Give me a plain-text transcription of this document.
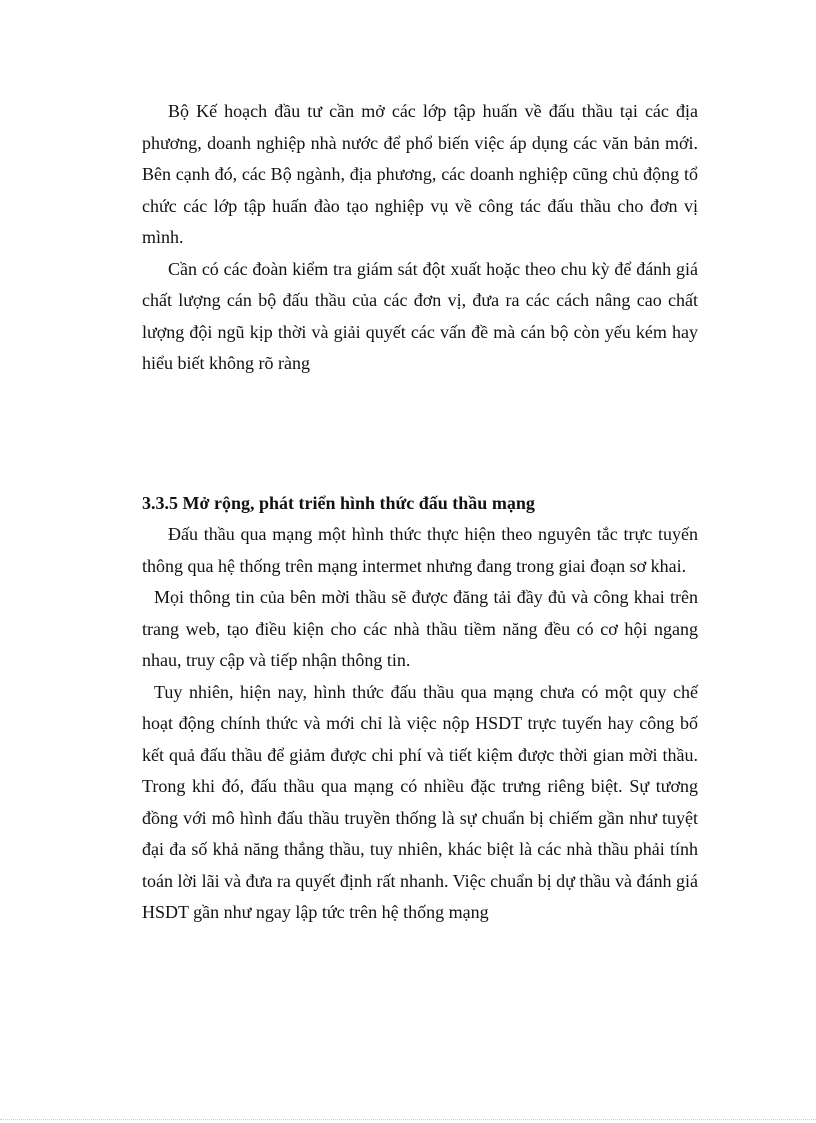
Bộ Kế hoạch đầu tư cần mở các lớp tập huấn về đấu thầu tại các địa phương, doanh nghiệp nhà nước để phổ biến việc áp dụng các văn bản mới. Bên cạnh đó, các Bộ ngành, địa phương, các doanh nghiệp cũng chủ động tổ chức các lớp tập huấn đào tạo nghiệp vụ về công tác đấu thầu cho đơn vị mình.

Cần có các đoàn kiểm tra giám sát đột xuất hoặc theo chu kỳ để đánh giá chất lượng cán bộ đấu thầu của các đơn vị, đưa ra các cách nâng cao chất lượng đội ngũ kịp thời và giải quyết các vấn đề mà cán bộ còn yếu kém hay hiểu biết không rõ ràng

3.3.5 Mở rộng, phát triển hình thức đấu thầu mạng

Đấu thầu qua mạng một hình thức thực hiện theo nguyên tắc trực tuyến thông qua hệ thống trên mạng intermet nhưng đang trong giai đoạn sơ khai.

Mọi thông tin của bên mời thầu sẽ được đăng tải đầy đủ và công khai trên trang web, tạo điều kiện cho các nhà thầu tiềm năng đều có cơ hội ngang nhau, truy cập và tiếp nhận thông tin.

Tuy nhiên, hiện nay, hình thức đấu thầu qua mạng chưa có một quy chế hoạt động chính thức và mới chỉ là việc nộp HSDT trực tuyến hay công bố kết quả đấu thầu để giảm được chi phí và tiết kiệm được thời gian mời thầu. Trong khi đó, đấu thầu qua mạng có nhiều đặc trưng riêng biệt. Sự tương đồng với mô hình đấu thầu truyền thống là sự chuẩn bị chiếm gần như tuyệt đại đa số khả năng thắng thầu, tuy nhiên, khác biệt là các nhà thầu phải tính toán lời lãi và đưa ra quyết định rất nhanh. Việc chuẩn bị dự thầu và đánh giá HSDT gần như ngay lập tức trên hệ thống mạng
